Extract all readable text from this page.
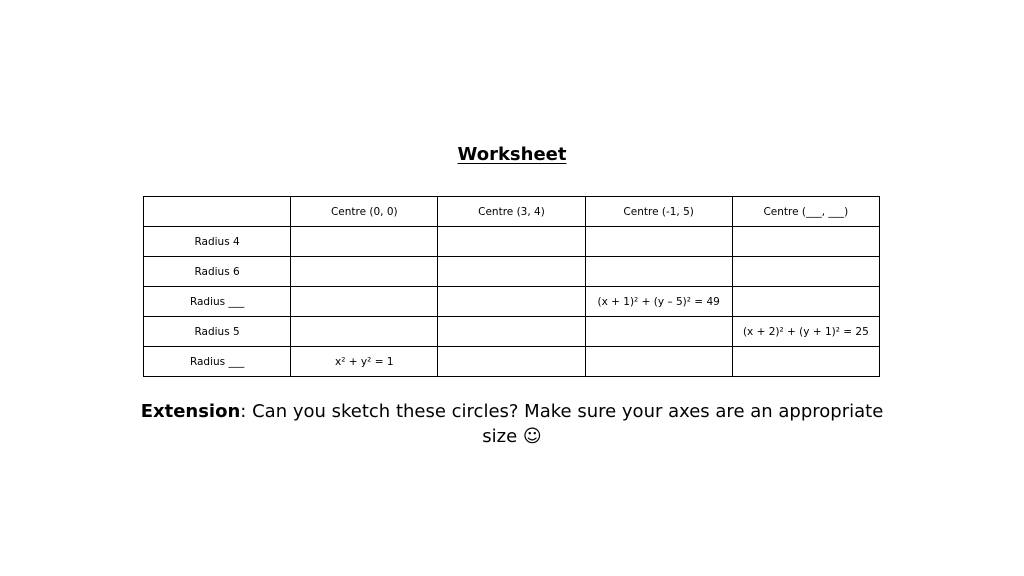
Worksheet
	Centre (0, 0)	Centre (3, 4)	Centre (-1, 5)	Centre (___, ___)
Radius 4				
Radius 6				
Radius ___			(x + 1)² + (y – 5)² = 49	
Radius 5				(x + 2)² + (y + 1)² = 25
Radius ___	x² + y² = 1			
Extension: Can you sketch these circles? Make sure your axes are an appropriate size ☺
